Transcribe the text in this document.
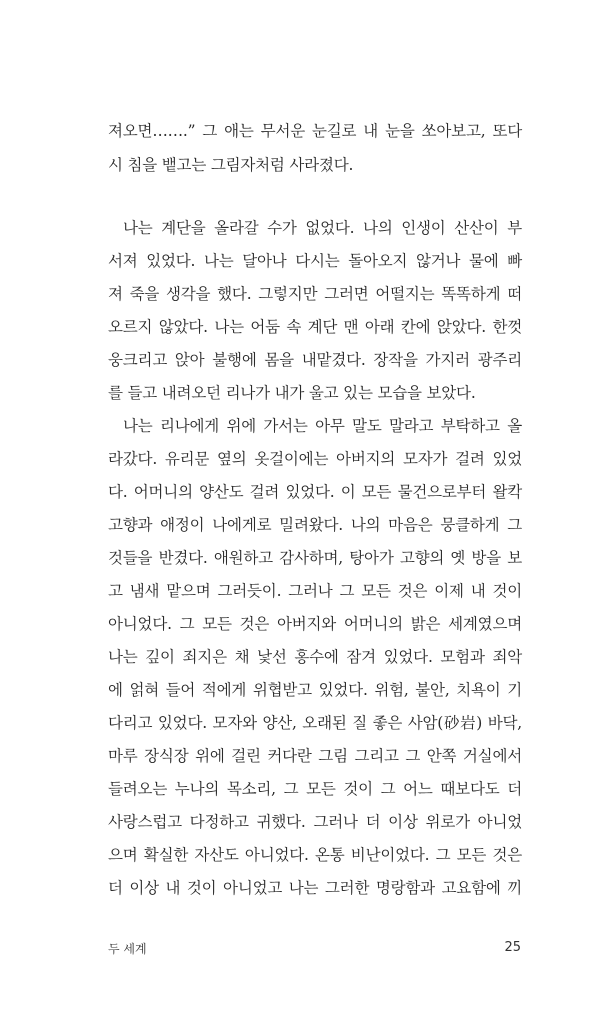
져오면…….” 그 애는 무서운 눈길로 내 눈을 쏘아보고, 또다
시 침을 뱉고는 그림자처럼 사라졌다.
나는 계단을 올라갈 수가 없었다. 나의 인생이 산산이 부
서져 있었다. 나는 달아나 다시는 돌아오지 않거나 물에 빠
져 죽을 생각을 했다. 그렇지만 그러면 어떨지는 똑똑하게 떠
오르지 않았다. 나는 어둠 속 계단 맨 아래 칸에 앉았다. 한껏
웅크리고 앉아 불행에 몸을 내맡겼다. 장작을 가지러 광주리
를 들고 내려오던 리나가 내가 울고 있는 모습을 보았다.
나는 리나에게 위에 가서는 아무 말도 말라고 부탁하고 올
라갔다. 유리문 옆의 옷걸이에는 아버지의 모자가 걸려 있었
다. 어머니의 양산도 걸려 있었다. 이 모든 물건으로부터 왈칵
고향과 애정이 나에게로 밀려왔다. 나의 마음은 뭉클하게 그
것들을 반겼다. 애원하고 감사하며, 탕아가 고향의 옛 방을 보
고 냄새 맡으며 그러듯이. 그러나 그 모든 것은 이제 내 것이
아니었다. 그 모든 것은 아버지와 어머니의 밝은 세계였으며
나는 깊이 죄지은 채 낯선 홍수에 잠겨 있었다. 모험과 죄악
에 얽혀 들어 적에게 위협받고 있었다. 위험, 불안, 치욕이 기
다리고 있었다. 모자와 양산, 오래된 질 좋은 사암(砂岩) 바닥,
마루 장식장 위에 걸린 커다란 그림 그리고 그 안쪽 거실에서
들려오는 누나의 목소리, 그 모든 것이 그 어느 때보다도 더
사랑스럽고 다정하고 귀했다. 그러나 더 이상 위로가 아니었
으며 확실한 자산도 아니었다. 온통 비난이었다. 그 모든 것은
더 이상 내 것이 아니었고 나는 그러한 명랑함과 고요함에 끼
두 세계	25
